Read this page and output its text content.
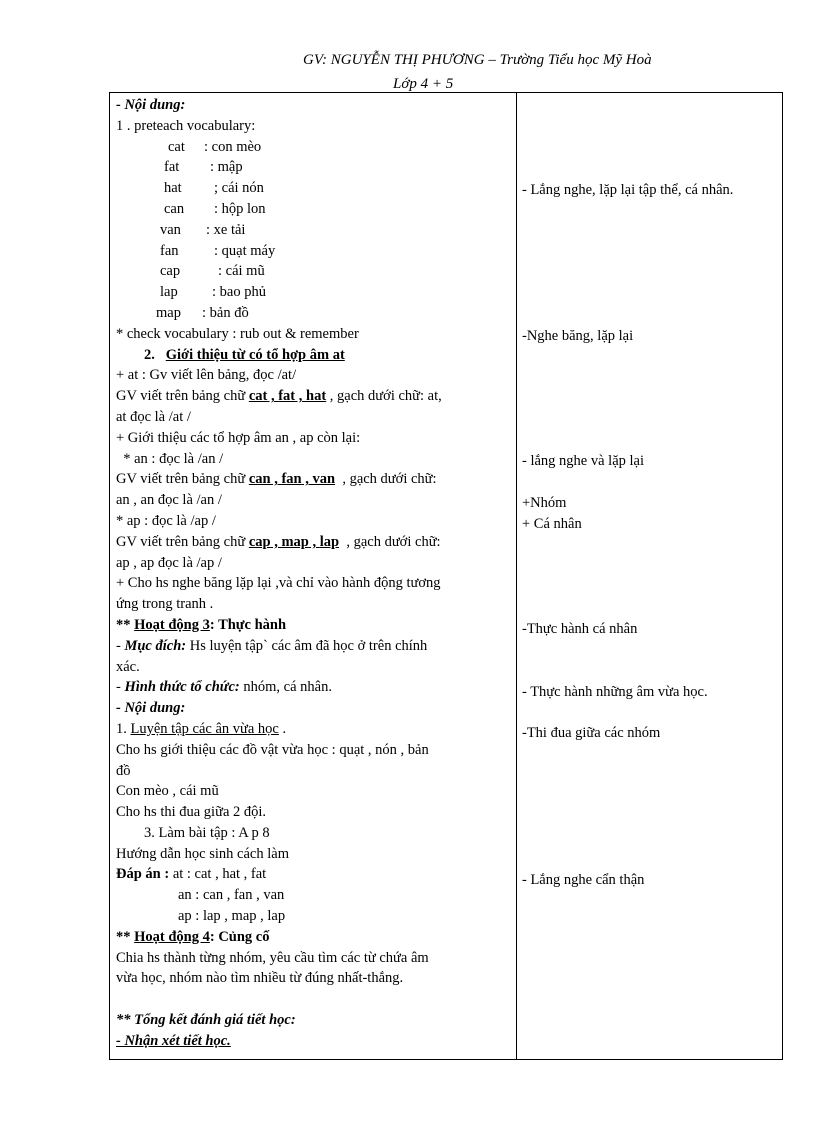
GV: NGUYỄN THỊ PHƯƠNG – Trường Tiểu học Mỹ Hoà
Lớp 4 + 5
- Nội dung:
1 . preteach vocabulary:
cat : con mèo
fat : mập
hat ; cái nón
can : hộp lon
van : xe tải
fan : quạt máy
cap	: cái mũ
lap : bao phủ
map : bản đồ
* check vocabulary : rub out & remember
2. Giới thiệu từ có tổ hợp âm at
+ at : Gv viết lên bảng, đọc /at/
GV viết trên bảng chữ cat , fat , hat , gạch dưới chữ: at,
at đọc là /at /
+ Giới thiệu các tổ hợp âm an , ap còn lại:
* an : đọc là /an /
GV viết trên bảng chữ can , fan , van , gạch dưới chữ:
an , an đọc là /an /
* ap : đọc là /ap /
GV viết trên bảng chữ cap , map , lap , gạch dưới chữ:
ap , ap đọc là /ap /
+ Cho hs nghe băng lặp lại ,và chỉ vào hành động tương
ứng trong tranh .
** Hoạt động 3: Thực hành
- Mục đích: Hs luyện tập` các âm đã học ở trên chính
xác.
- Hình thức tổ chức: nhóm, cá nhân.
- Nội dung:
1. Luyện tập các ân vừa học .
Cho hs giới thiệu các đồ vật vừa học : quạt , nón , bản
đồ
Con mèo , cái mũ
Cho hs thi đua giữa 2 đội.
3. Làm bài tập : A p 8
Hướng dẫn học sinh cách làm
Đáp án : at : cat , hat , fat
an : can , fan , van
ap : lap , map , lap
** Hoạt động 4: Củng cố
Chia hs thành từng nhóm, yêu cầu tìm các từ chứa âm
vừa học, nhóm nào tìm nhiều từ đúng nhất-thắng.
** Tổng kết đánh giá tiết học:
- Nhận xét tiết học.
- Lắng nghe, lặp lại tập thể, cá nhân.
-Nghe băng, lặp lại
- lắng nghe và lặp lại
+Nhóm
+ Cá nhân
-Thực hành cá nhân
- Thực hành những âm vừa học.
-Thi đua giữa các nhóm
- Lắng nghe cẩn thận
